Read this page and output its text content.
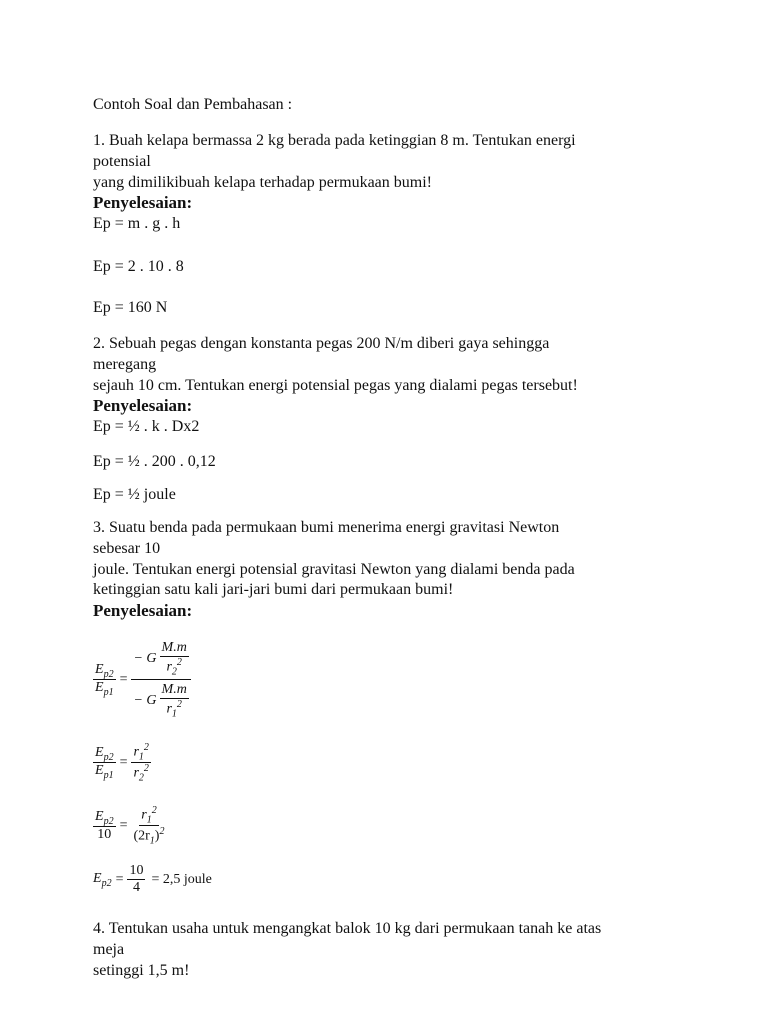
Contoh Soal dan Pembahasan :
1. Buah kelapa bermassa 2 kg berada pada ketinggian 8 m. Tentukan energi
potensial
yang dimilikibuah kelapa terhadap permukaan bumi!
Penyelesaian:
Ep = m . g . h
Ep = 2 . 10 . 8
Ep = 160 N
2. Sebuah pegas dengan konstanta pegas 200 N/m diberi gaya sehingga
meregang
sejauh 10 cm. Tentukan energi potensial pegas yang dialami pegas tersebut!
Penyelesaian:
Ep = ½ . k . Dx2
Ep = ½ . 200 . 0,12
Ep = ½ joule
3. Suatu benda pada permukaan bumi menerima energi gravitasi Newton
sebesar 10
joule. Tentukan energi potensial gravitasi Newton yang dialami benda pada
ketinggian satu kali jari-jari bumi dari permukaan bumi!
Penyelesaian:
$\frac{E_{p2}}{E_{p1}} = \frac{- G \frac{M.m}{r_2^2}}{- G \frac{M.m}{r_1^2}}$
$\frac{E_{p2}}{E_{p1}} = \frac{r_1^2}{r_2^2}$
$\frac{E_{p2}}{10} = \frac{r_1^2}{(2r_1)^2}$
$E_{p2} = \frac{10}{4} = 2,5$ joule
4. Tentukan usaha untuk mengangkat balok 10 kg dari permukaan tanah ke atas
meja
setinggi 1,5 m!
